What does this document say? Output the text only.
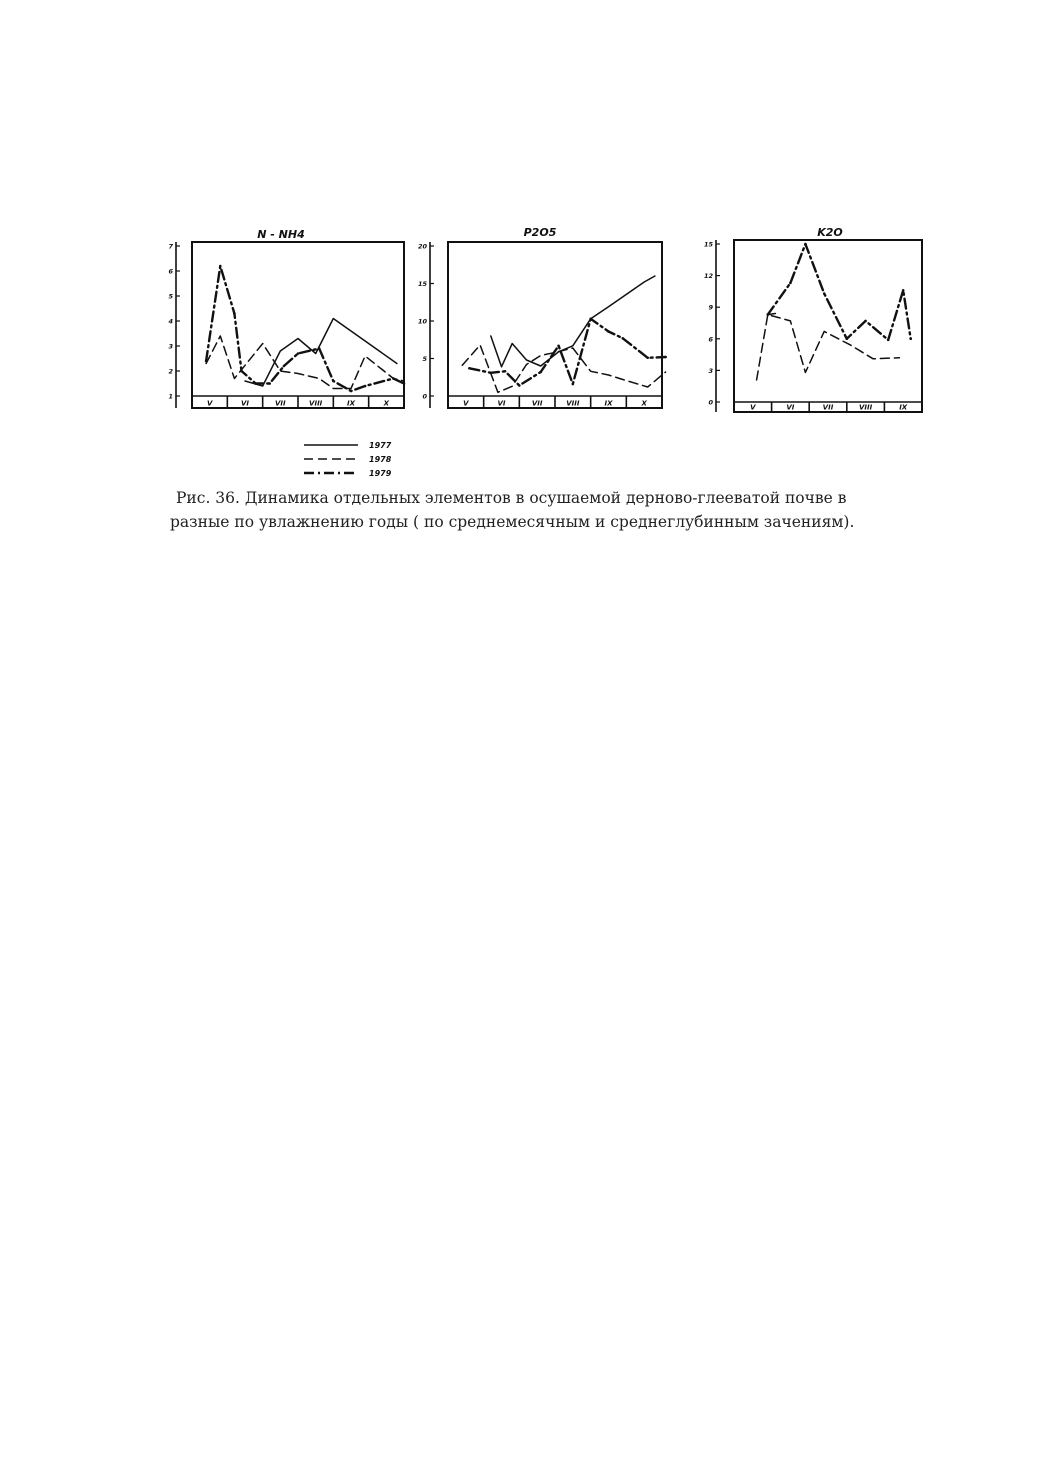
N - NH4
V	VI	VII	VIII	IX	X
1
2
3
4
5
6
7
P2O5
V	VI	VII	VIII	IX	X
0
5
10
15
20
K2O
V	VI	VII	VIII	IX
0
3
6
9
12
15
1977
1978
1979

Рис. 36. Динамика отдельных элементов в осушаемой дерново-глееватой почве в

разные по увлажнению годы ( по среднемесячным и среднеглубинным зачениям).
